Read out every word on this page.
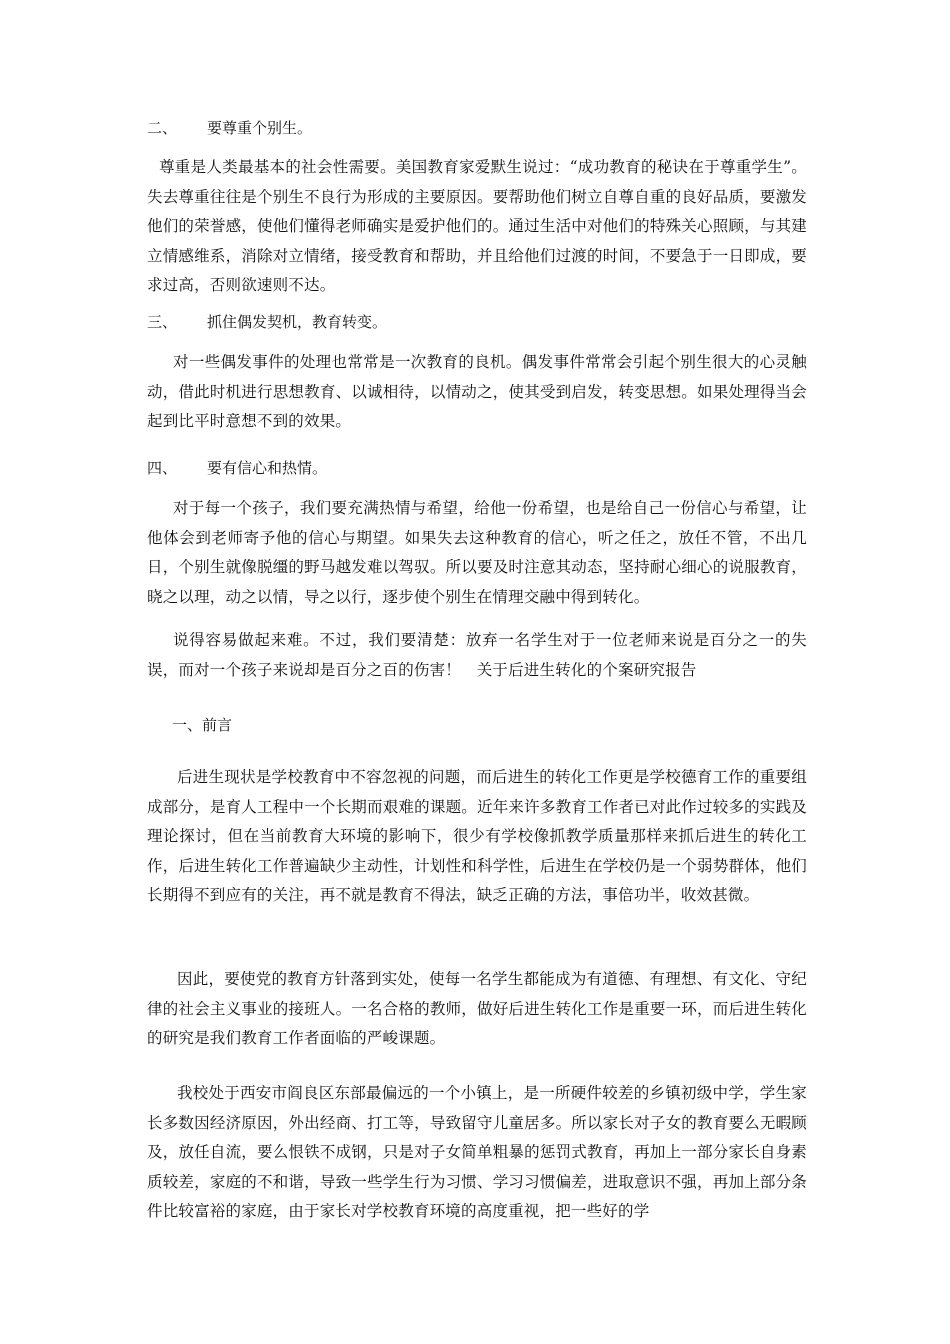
二、 要尊重个别生。
尊重是人类最基本的社会性需要。美国教育家爱默生说过：“成功教育的秘诀在于尊重学生”。失去尊重往往是个别生不良行为形成的主要原因。要帮助他们树立自尊自重的良好品质，要激发他们的荣誉感，使他们懂得老师确实是爱护他们的。通过生活中对他们的特殊关心照顾，与其建立情感维系，消除对立情绪，接受教育和帮助，并且给他们过渡的时间，不要急于一日即成，要求过高，否则欲速则不达。
三、 抓住偶发契机，教育转变。
对一些偶发事件的处理也常常是一次教育的良机。偶发事件常常会引起个别生很大的心灵触动，借此时机进行思想教育、以诚相待，以情动之，使其受到启发，转变思想。如果处理得当会起到比平时意想不到的效果。
四、 要有信心和热情。
对于每一个孩子，我们要充满热情与希望，给他一份希望，也是给自己一份信心与希望，让他体会到老师寄予他的信心与期望。如果失去这种教育的信心，听之任之，放任不管，不出几日，个别生就像脱缰的野马越发难以驾驭。所以要及时注意其动态，坚持耐心细心的说服教育，晓之以理，动之以情，导之以行，逐步使个别生在情理交融中得到转化。
说得容易做起来难。不过，我们要清楚：放弃一名学生对于一位老师来说是百分之一的失误，而对一个孩子来说却是百分之百的伤害！　关于后进生转化的个案研究报告
一、前言
后进生现状是学校教育中不容忽视的问题，而后进生的转化工作更是学校德育工作的重要组成部分，是育人工程中一个长期而艰难的课题。近年来许多教育工作者已对此作过较多的实践及理论探讨，但在当前教育大环境的影响下，很少有学校像抓教学质量那样来抓后进生的转化工作，后进生转化工作普遍缺少主动性，计划性和科学性，后进生在学校仍是一个弱势群体，他们长期得不到应有的关注，再不就是教育不得法，缺乏正确的方法，事倍功半，收效甚微。
因此，要使党的教育方针落到实处，使每一名学生都能成为有道德、有理想、有文化、守纪律的社会主义事业的接班人。一名合格的教师，做好后进生转化工作是重要一环，而后进生转化的研究是我们教育工作者面临的严峻课题。
我校处于西安市阎良区东部最偏远的一个小镇上，是一所硬件较差的乡镇初级中学，学生家长多数因经济原因，外出经商、打工等，导致留守儿童居多。所以家长对子女的教育要么无暇顾及，放任自流，要么恨铁不成钢，只是对子女简单粗暴的惩罚式教育，再加上一部分家长自身素质较差，家庭的不和谐，导致一些学生行为习惯、学习习惯偏差，进取意识不强，再加上部分条件比较富裕的家庭，由于家长对学校教育环境的高度重视，把一些好的学
